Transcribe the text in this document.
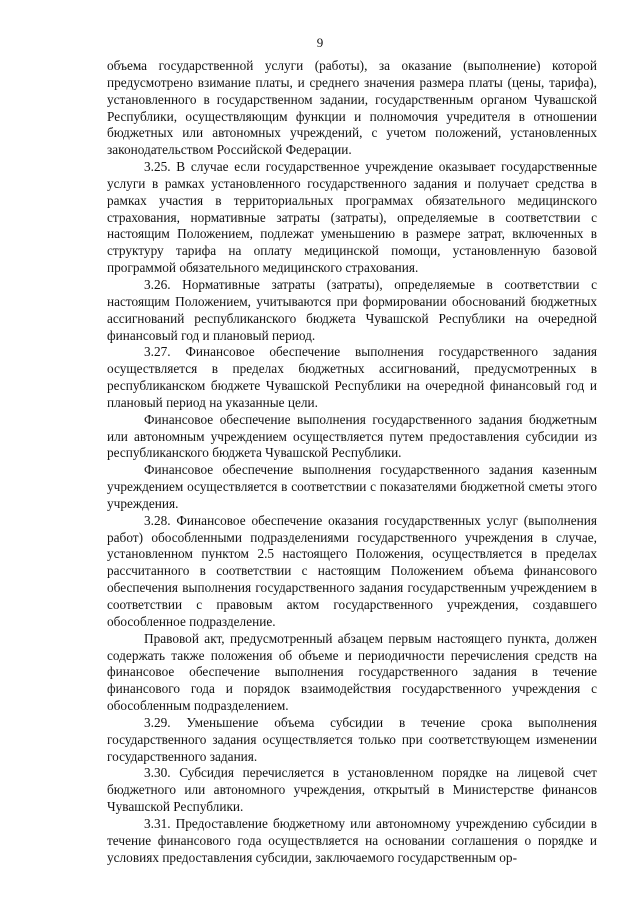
9

объема государственной услуги (работы), за оказание (выполнение) которой предусмотрено взимание платы, и среднего значения размера платы (цены, тарифа), установленного в государственном задании, государственным органом Чувашской Республики, осуществляющим функции и полномочия учредителя в отношении бюджетных или автономных учреждений, с учетом положений, установленных законодательством Российской Федерации.

3.25. В случае если государственное учреждение оказывает государственные услуги в рамках установленного государственного задания и получает средства в рамках участия в территориальных программах обязательного медицинского страхования, нормативные затраты (затраты), определяемые в соответствии с настоящим Положением, подлежат уменьшению в размере затрат, включенных в структуру тарифа на оплату медицинской помощи, установленную базовой программой обязательного медицинского страхования.

3.26. Нормативные затраты (затраты), определяемые в соответствии с настоящим Положением, учитываются при формировании обоснований бюджетных ассигнований республиканского бюджета Чувашской Республики на очередной финансовый год и плановый период.

3.27. Финансовое обеспечение выполнения государственного задания осуществляется в пределах бюджетных ассигнований, предусмотренных в республиканском бюджете Чувашской Республики на очередной финансовый год и плановый период на указанные цели.

Финансовое обеспечение выполнения государственного задания бюджетным или автономным учреждением осуществляется путем предоставления субсидии из республиканского бюджета Чувашской Республики.

Финансовое обеспечение выполнения государственного задания казенным учреждением осуществляется в соответствии с показателями бюджетной сметы этого учреждения.

3.28. Финансовое обеспечение оказания государственных услуг (выполнения работ) обособленными подразделениями государственного учреждения в случае, установленном пунктом 2.5 настоящего Положения, осуществляется в пределах рассчитанного в соответствии с настоящим Положением объема финансового обеспечения выполнения государственного задания государственным учреждением в соответствии с правовым актом государственного учреждения, создавшего обособленное подразделение.

Правовой акт, предусмотренный абзацем первым настоящего пункта, должен содержать также положения об объеме и периодичности перечисления средств на финансовое обеспечение выполнения государственного задания в течение финансового года и порядок взаимодействия государственного учреждения с обособленным подразделением.

3.29. Уменьшение объема субсидии в течение срока выполнения государственного задания осуществляется только при соответствующем изменении государственного задания.

3.30. Субсидия перечисляется в установленном порядке на лицевой счет бюджетного или автономного учреждения, открытый в Министерстве финансов Чувашской Республики.

3.31. Предоставление бюджетному или автономному учреждению субсидии в течение финансового года осуществляется на основании соглашения о порядке и условиях предоставления субсидии, заключаемого государственным ор-
